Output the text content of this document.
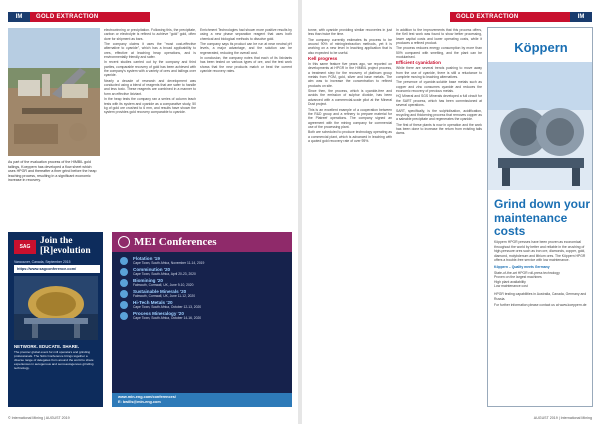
IM	GOLD EXTRACTION
As part of the evaluation process of the HIMBIL gold tailings, Koeppern has developed a flow sheet which uses HPGR and thereafter a finer grind before the heap leaching process, resulting in a significant economic increase in recovery.

electrowinning or precipitation. Following this, the precipitate, carbon or electrolyte is refined to achieve "gold" gold, often dore for shipment as bars.

The company claims it uses the "most cost-effective alternative to cyanide", which has a broad applicability to ores, effective at leaching heap operations, and is environmentally friendly and safer.

In recent studies carried out by the company and third parties, comparable recovery of gold has been achieved with the company's system with a variety of ores and tailings over cyanide.

Nearly a decade of research and development was conducted using a blend of reagents that are safer to handle and less toxic. These reagents are combined in a manner to form an effective lixiviant.

In the heap tests the company ran a series of column leach tests with its system and cyanide as a comparative study, 50 kg of gold ore crushed to 6 mm, and results have shown the system provides gold recovery comparable to cyanide.

Enrichment Technologies had shown more positive results by using a new phase separation reagent that uses both chemical and biological methods to dissolve gold.

The company says its product can be run at near neutral pH levels, a major advantage, and the solution can be regenerated, reducing the overall cost.

In conclusion, the company notes that each of its lixiviants has been tested on various types of ore, and the test work shows that the new products match or beat the current cyanide recovery rates.

SAG
Join the [R]evolution
Vancouver, Canada, September 2015
https://www.sagconference.com/
NETWORK. EDUCATE. SHARE.
The premier global event for mill operators and grinding professionals. The SAG Conference brings together a diverse range of delegates from around the world to share experiences in autogenous and semi-autogenous grinding technology.
MEI Conferences
Flotation '19
Cape Town, South Africa, November 11-14, 2019
Comminution '20
Cape Town, South Africa, April 20-23, 2020
Biomining '20
Falmouth, Cornwall, UK, June 9-10, 2020
Sustainable Minerals '20
Falmouth, Cornwall, UK, June 11-12, 2020
Hi-Tech Metals '20
Cape Town, South Africa, October 12-13, 2020
Process Mineralogy '20
Cape Town, South Africa, October 14-16, 2020
www.min-eng.com/conferences/
E: bwills@min-eng.com
© International Mining | AUGUST 2019
GOLD EXTRACTION	IM

tonne, with cyanide providing similar recoveries in just less than twice the time.

The company currently estimates its process to be around 90% of mining/extraction methods, yet it is working on a new level in leaching application that is also expected to be useful.

Kell progress

In this same feature five years ago, we reported on developments at HPGR in the HIMBIL project process, a treatment step for the recovery of platinum group metals from PGM, gold, silver and base metals. The aim was to increase the concentration to refined products on site.

Since then, the process, which is cyanide-free and avoids the emission of sulphur dioxide, has been advanced with a commercial-scale pilot at the Mineral Dust project.

This is an excellent example of a cooperation between the R&D group and a refinery to prepare material for the Platreef operations. The company signed an agreement with the mining company for commercial use of the processing plant.

Both are scheduled to produce technology operating as a commercial plant, which is advanced in leaching with a quoted gold recovery rate of over 95%.

In addition to the improvements that this process offers, the Kell test work was found to show better processing, lower capital costs and lower operating costs, while it produces a refined product.

The process reduces energy consumption by more than 50% compared with smelting, and the plant can be modularised.

Efficient cyanidation

While there are several trends pushing to move away from the use of cyanide, there is still a reluctance to complete moving to leaching alternatives.

The presence of cyanide-soluble base metals such as copper and zinc consumes cyanide and reduces the economic recovery of precious metals.

HQ Mineral and SGS Minerals developed a full circuit for the SART process, which has been commissioned at several operations.

SART, specifically, is the sulphidisation, acidification, recycling and thickening process that removes copper as a saleable precipitate and regenerates the cyanide.

The first of these plants is now in operation and the work has been done to increase the return from existing tails dams.

AUGUST 2019 | International Mining
Köppern
Grind down your maintenance costs

Köppern HPGR presses have been proven as economical throughout the world by better and reliable in the crushing of high-pressure ores such as iron ore, diamonds, copper, gold, diamond, molybdenum and lithium ores. The Köppern HPGR offers a trouble-free service with low maintenance.

Köppern – Quality meets Germany
• State-of-the-art HPGR roll-press technology
• Proven on the largest machines
• High plant availability
• Low maintenance cost

HPGR testing capabilities in Australia, Canada, Germany and Russia.

For further information please contact us at www.koeppern.de
